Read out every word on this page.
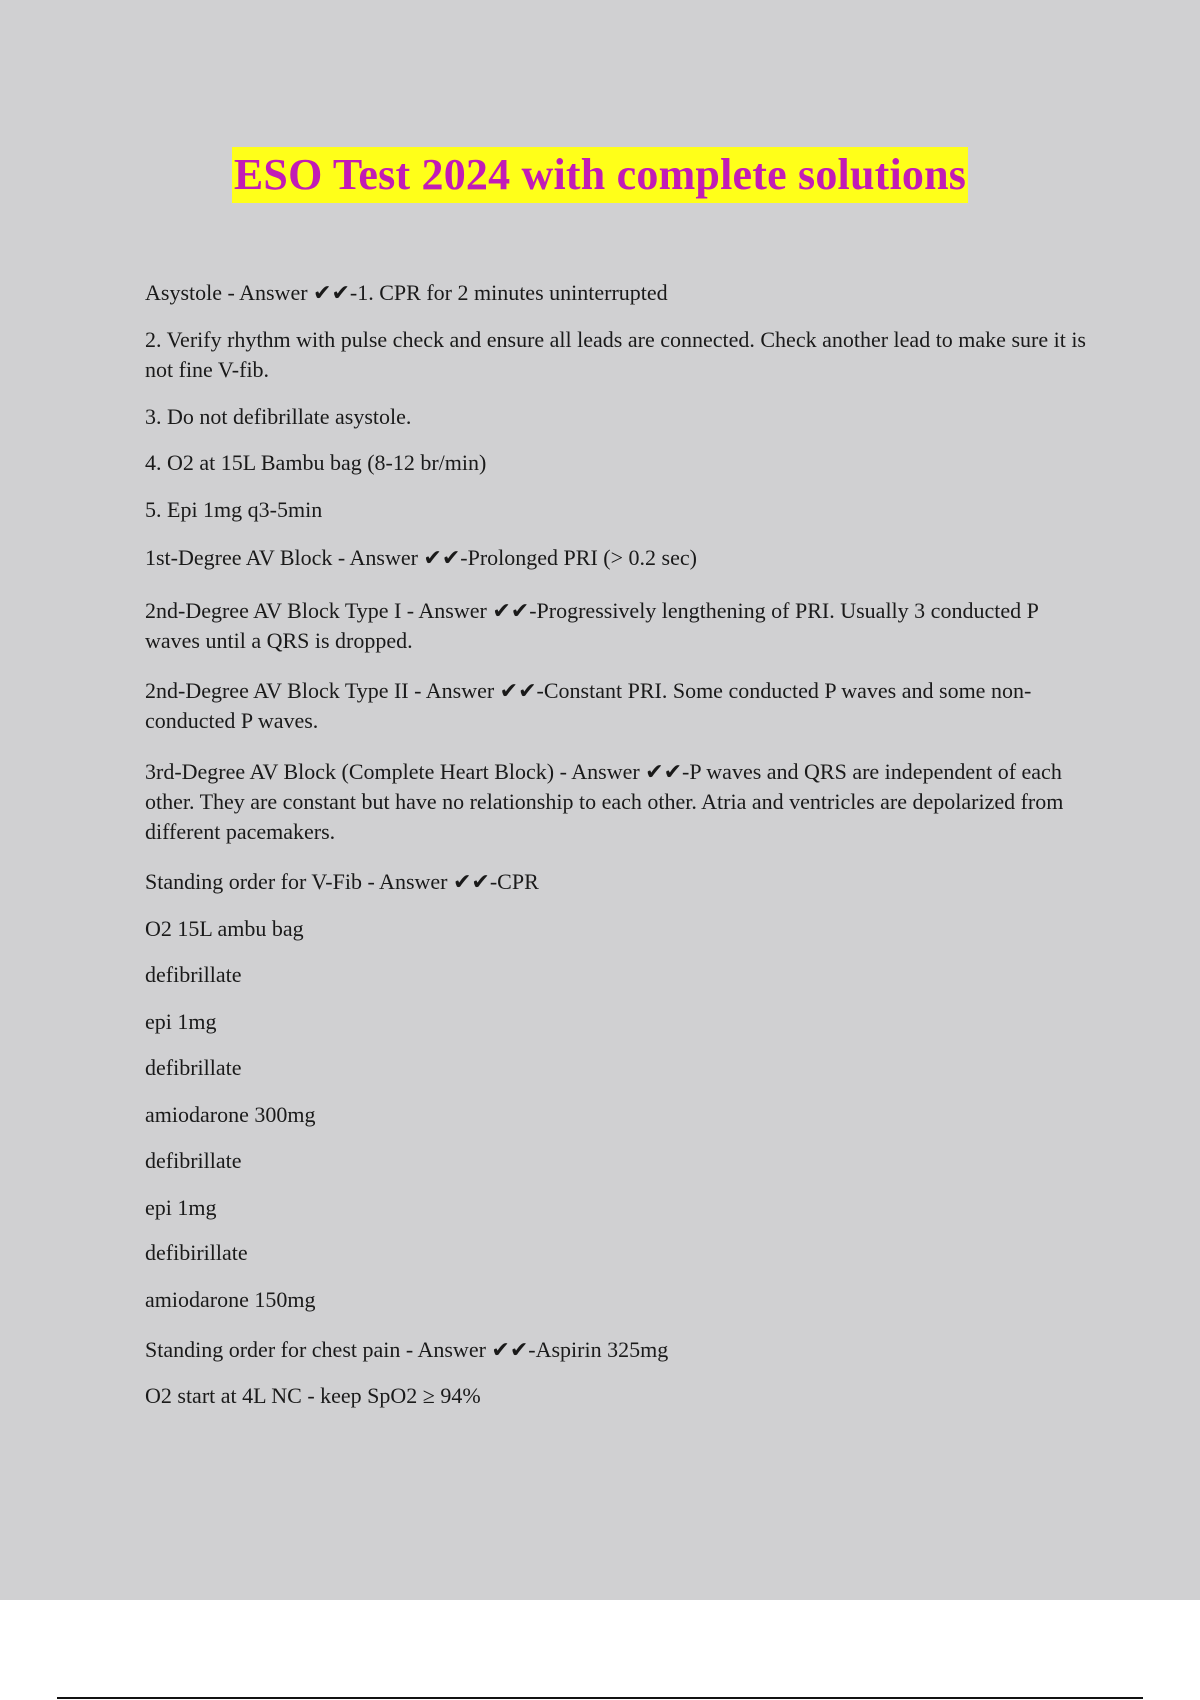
ESO Test 2024 with complete solutions
Asystole - Answer ✔✔-1. CPR for 2 minutes uninterrupted
2. Verify rhythm with pulse check and ensure all leads are connected. Check another lead to make sure it is not fine V-fib.
3. Do not defibrillate asystole.
4. O2 at 15L Bambu bag (8-12 br/min)
5. Epi 1mg q3-5min
1st-Degree AV Block - Answer ✔✔-Prolonged PRI (> 0.2 sec)
2nd-Degree AV Block Type I - Answer ✔✔-Progressively lengthening of PRI. Usually 3 conducted P waves until a QRS is dropped.
2nd-Degree AV Block Type II - Answer ✔✔-Constant PRI. Some conducted P waves and some non-conducted P waves.
3rd-Degree AV Block (Complete Heart Block) - Answer ✔✔-P waves and QRS are independent of each other. They are constant but have no relationship to each other. Atria and ventricles are depolarized from different pacemakers.
Standing order for V-Fib - Answer ✔✔-CPR
O2 15L ambu bag
defibrillate
epi 1mg
defibrillate
amiodarone 300mg
defibrillate
epi 1mg
defibirillate
amiodarone 150mg
Standing order for chest pain - Answer ✔✔-Aspirin 325mg
O2 start at 4L NC - keep SpO2 ≥ 94%
